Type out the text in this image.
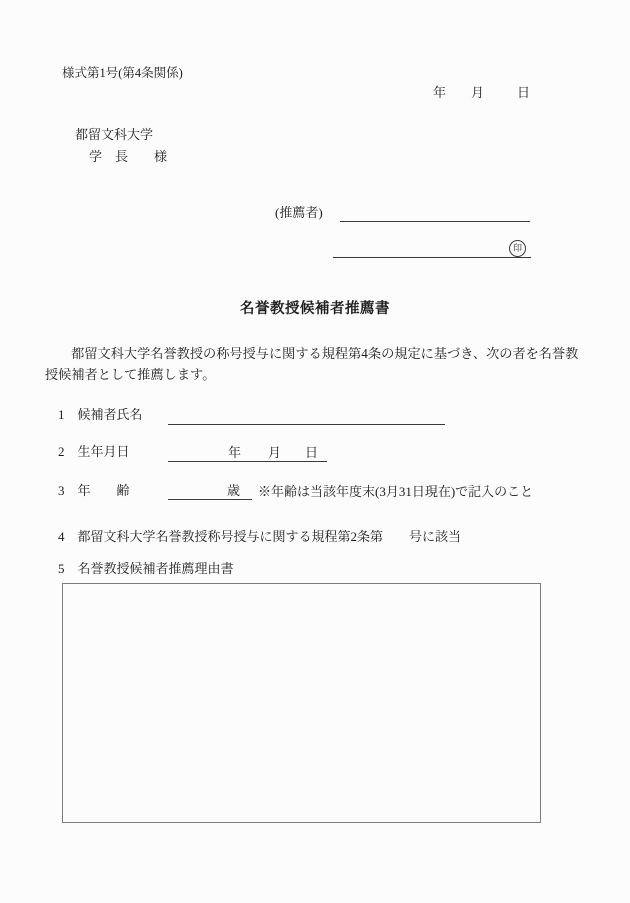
様式第1号(第4条関係)

年

月

	日

都留文科大学
学　長　　様
(推薦者)

印

名誉教授候補者推薦書
　都留文科大学名誉教授の称号授与に関する規程第4条の規定に基づき、次の者を名誉教授候補者として推薦します。
1　候補者氏名
2　生年月日

	年

月

日

3　年　　齢	歳	※年齢は当該年度末(3月31日現在)で記入のこと
4　都留文科大学名誉教授称号授与に関する規程第2条第　　号に該当
5　名誉教授候補者推薦理由書
